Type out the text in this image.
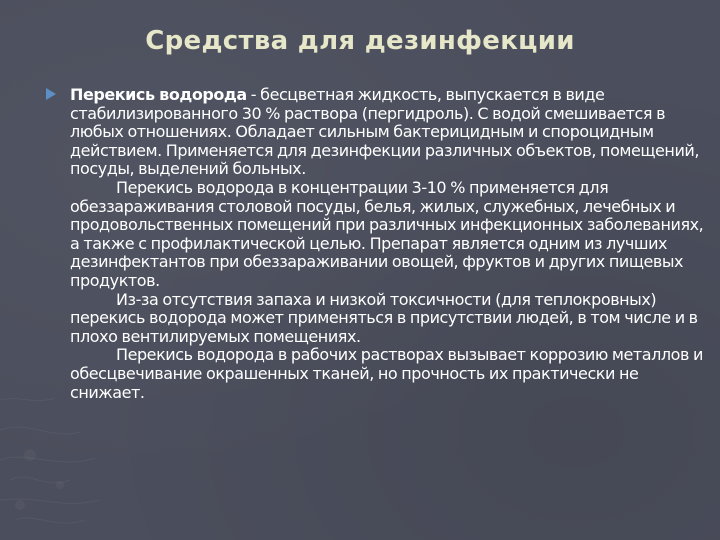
Средства для дезинфекции

Перекись водорода - бесцветная жидкость, выпускается в виде стабилизированного 30 % раствора (пергидроль). С водой смешивается в любых отношениях. Обладает сильным бактерицидным и спороцидным действием. Применяется для дезинфекции различных объектов, помещений, посуды, выделений больных.

Перекись водорода в концентрации 3-10 % применяется для обеззараживания столовой посуды, белья, жилых, служебных, лечебных и продовольственных помещений при различных инфекционных заболеваниях, а также с профилактической целью. Препарат является одним из лучших дезинфектантов при обеззараживании овощей, фруктов и других пищевых продуктов.

Из-за отсутствия запаха и низкой токсичности (для теплокровных) перекись водорода может применяться в присутствии людей, в том числе и в плохо вентилируемых помещениях.

Перекись водорода в рабочих растворах вызывает коррозию металлов и обесцвечивание окрашенных тканей, но прочность их практически не снижает.
